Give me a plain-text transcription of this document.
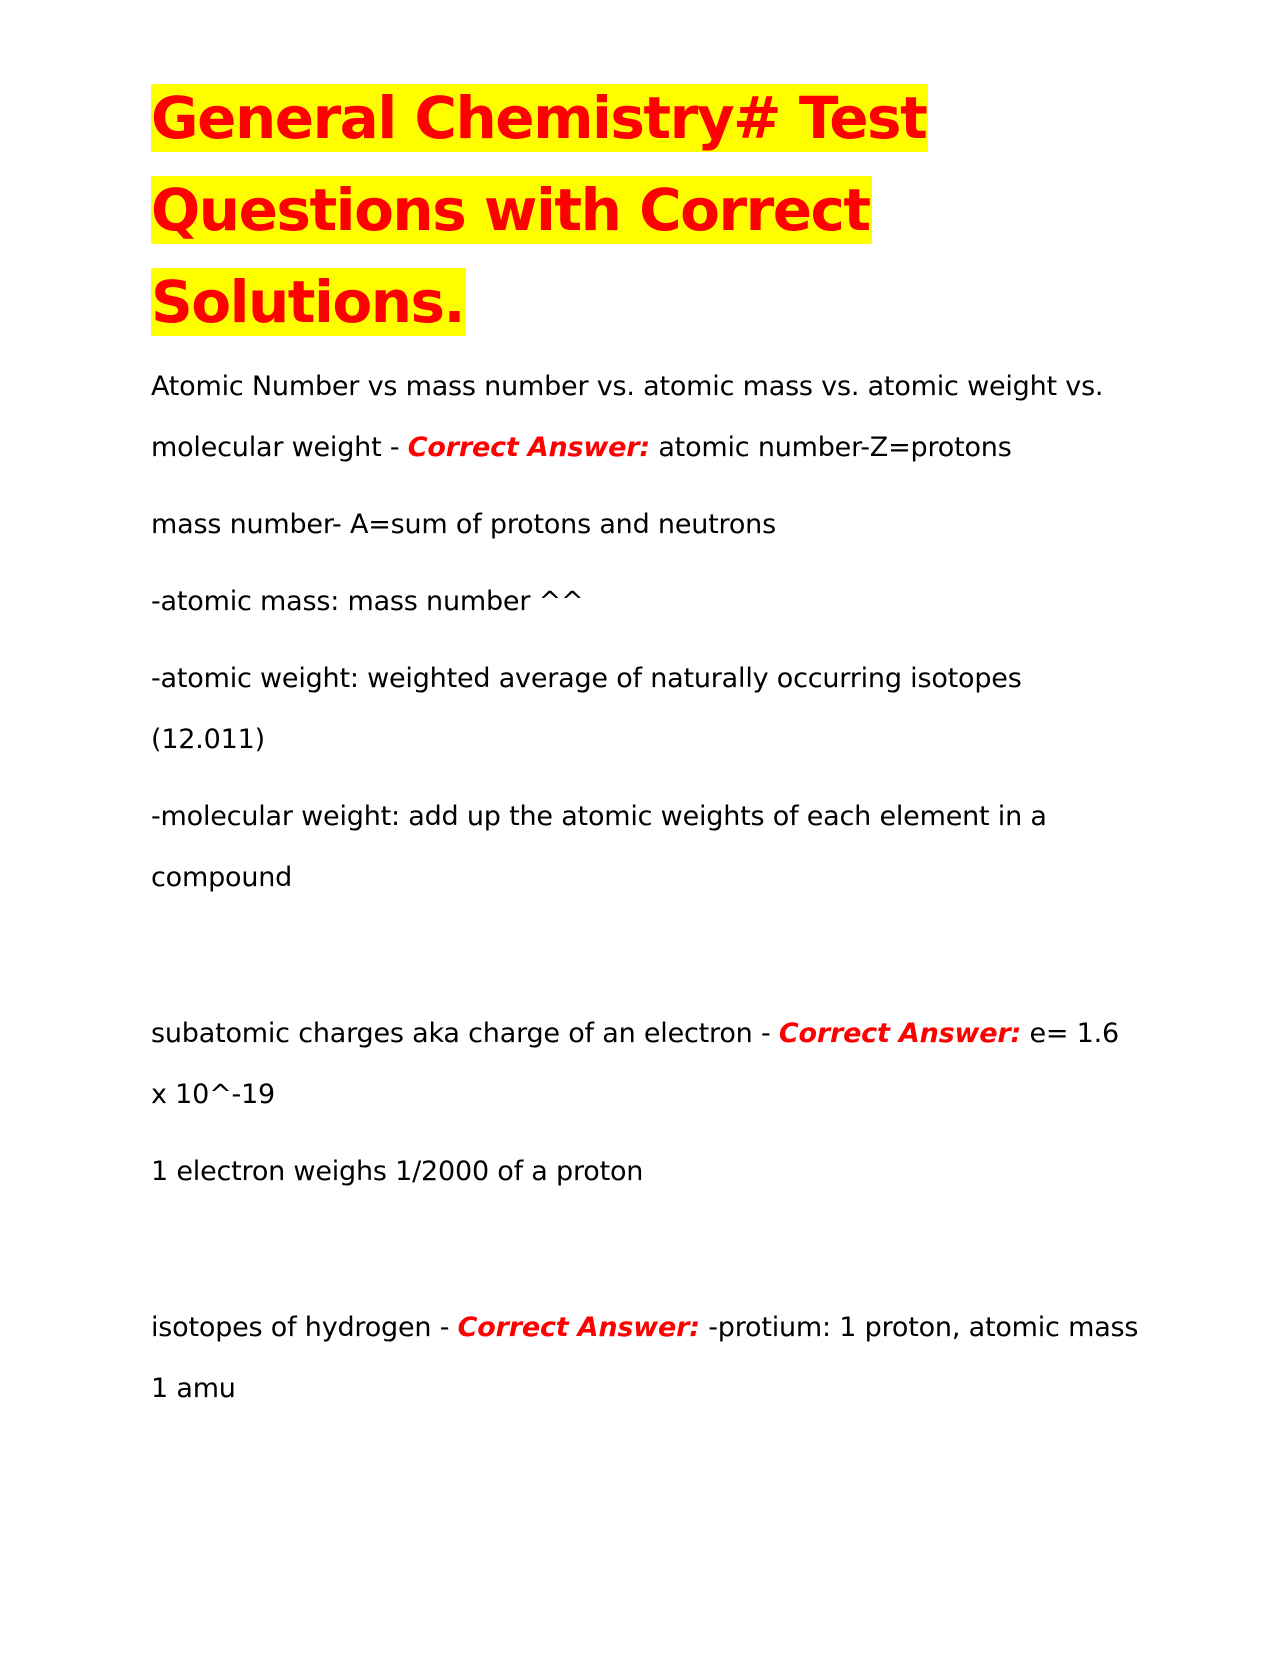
General Chemistry# Test Questions with Correct Solutions.

Atomic Number vs mass number vs. atomic mass vs. atomic weight vs. molecular weight - Correct Answer: atomic number-Z=protons

mass number- A=sum of protons and neutrons

-atomic mass: mass number ^^

-atomic weight: weighted average of naturally occurring isotopes (12.011)

-molecular weight: add up the atomic weights of each element in a compound

subatomic charges aka charge of an electron - Correct Answer: e= 1.6 x 10^-19

1 electron weighs 1/2000 of a proton

isotopes of hydrogen - Correct Answer: -protium: 1 proton, atomic mass 1 amu
